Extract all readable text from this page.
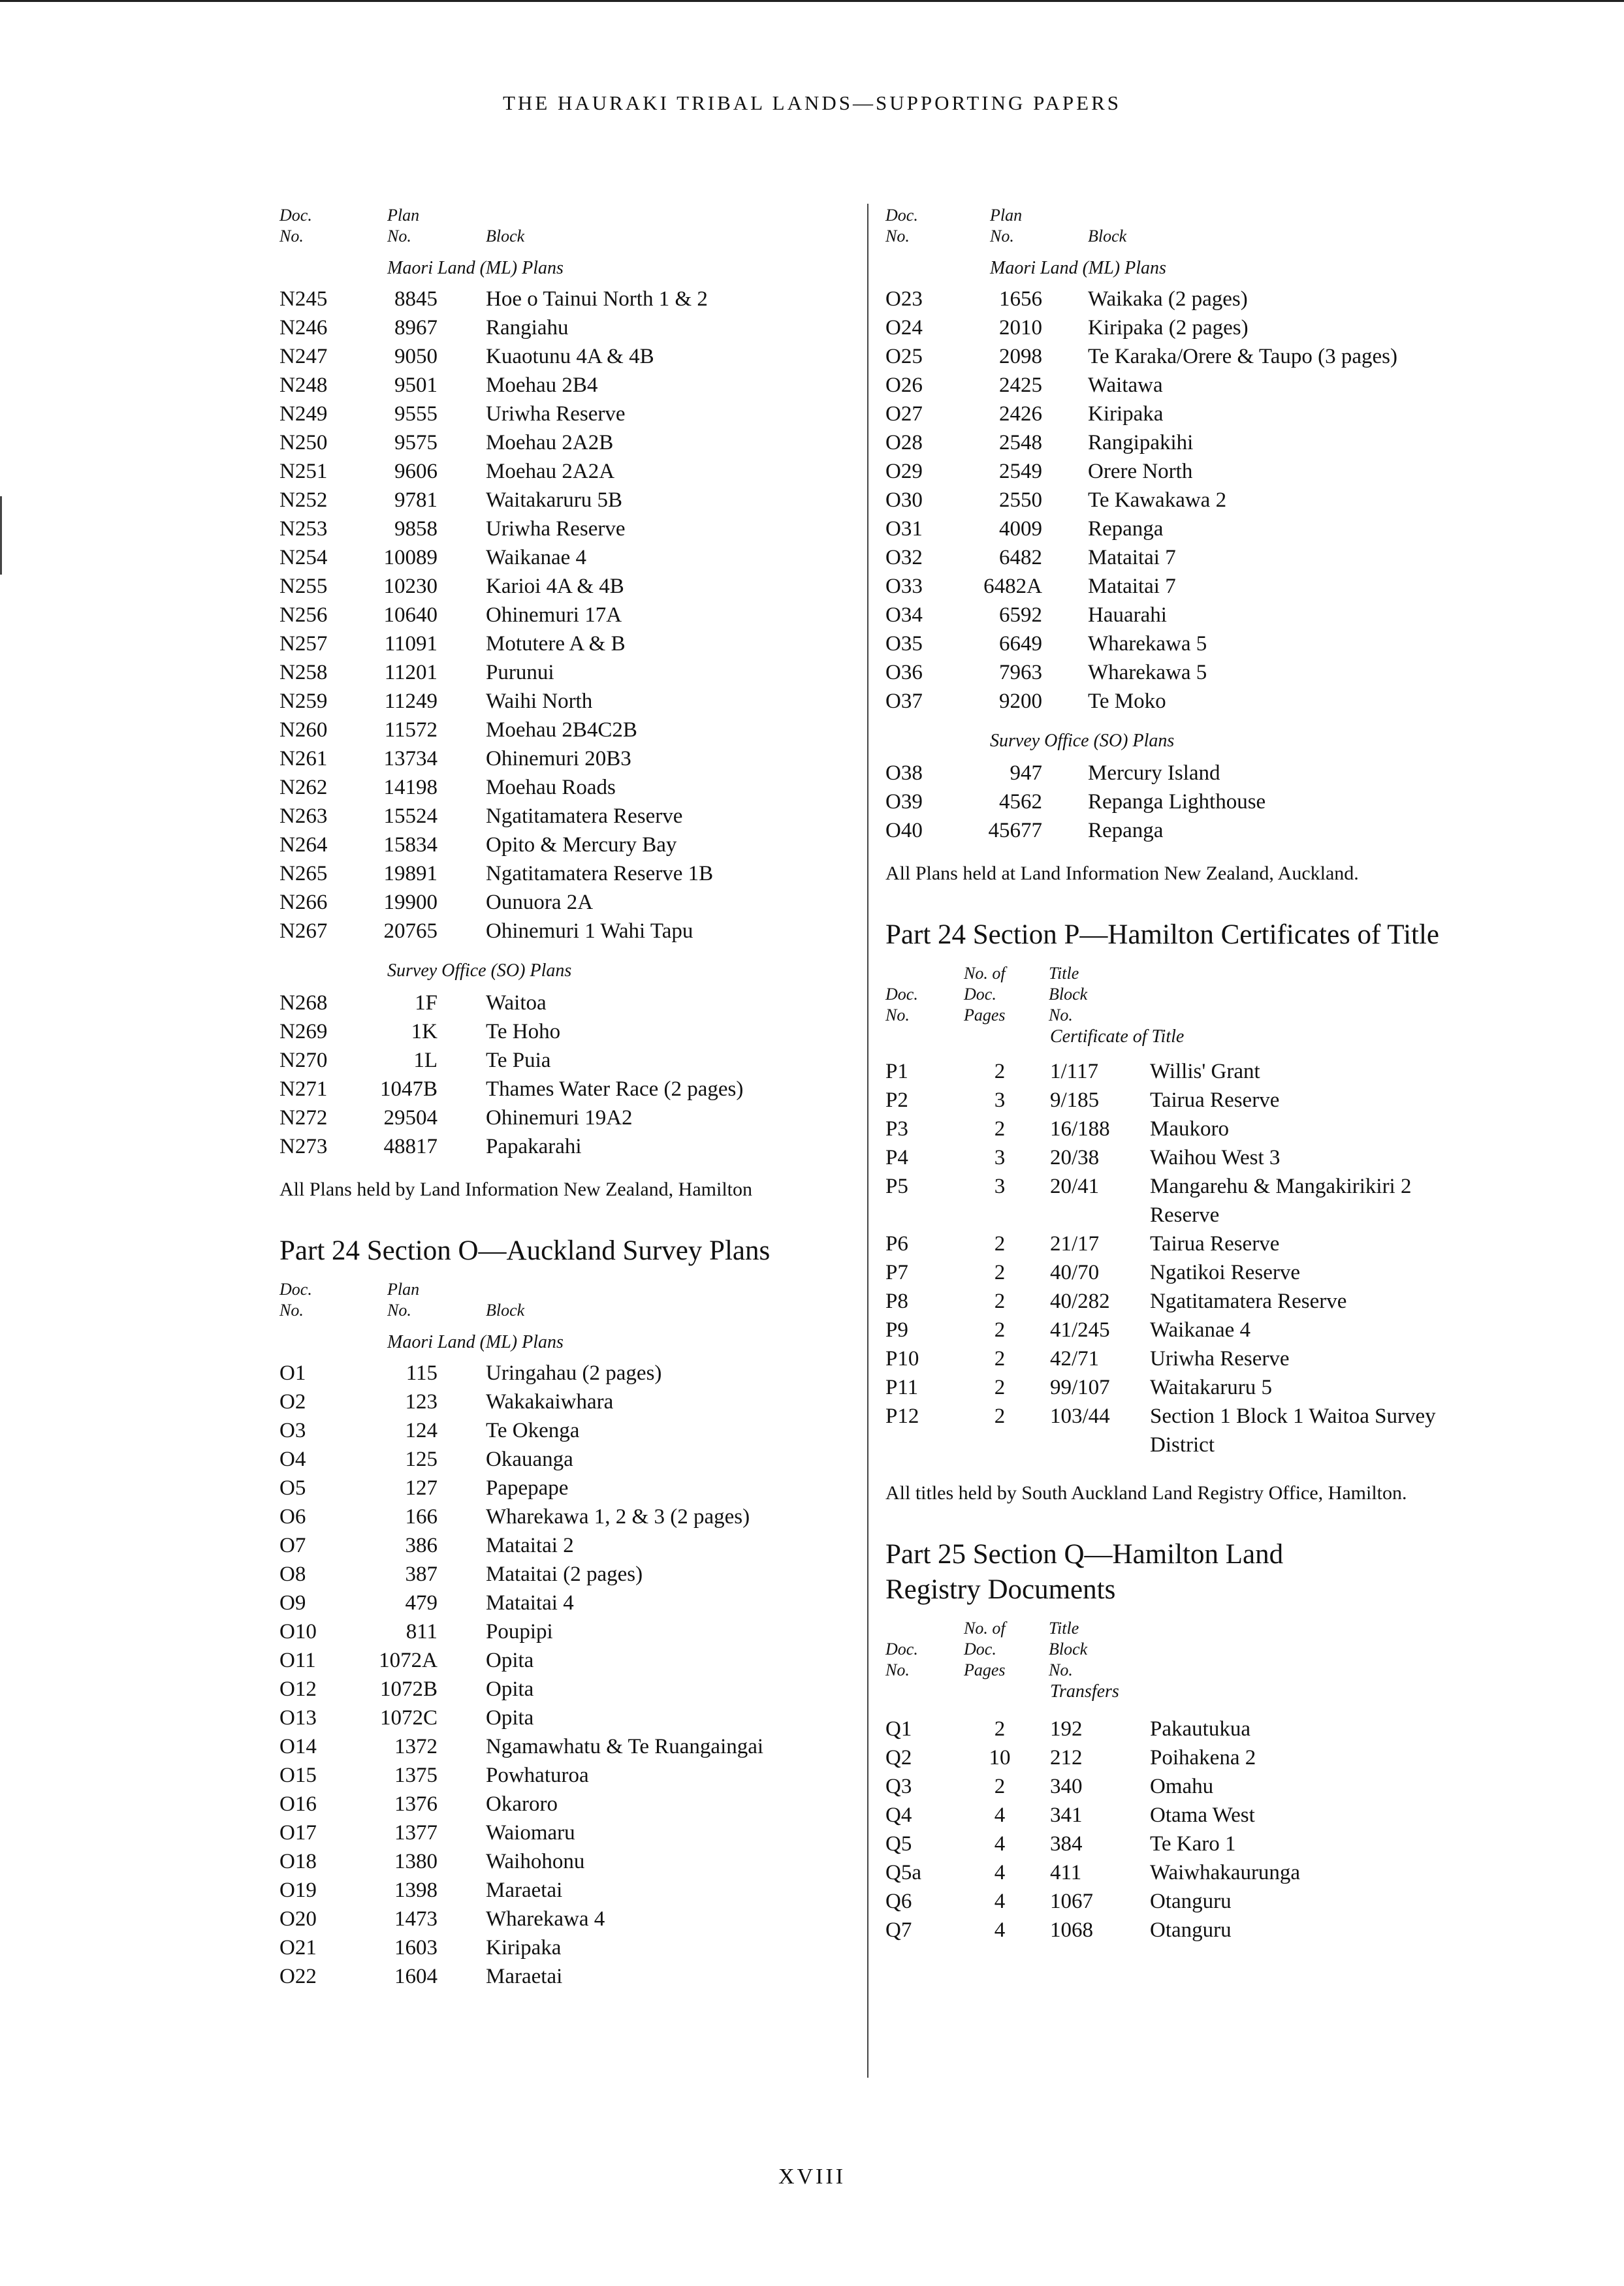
THE HAURAKI TRIBAL LANDS—SUPPORTING PAPERS
Doc.
No.
Plan
No.	Block
Maori Land (ML) Plans
N245	8845 Hoe o Tainui North 1 & 2
N246	8967 Rangiahu
N247	9050 Kuaotunu 4A & 4B
N248	9501 Moehau 2B4
N249	9555 Uriwha Reserve
N250	9575 Moehau 2A2B
N251	9606 Moehau 2A2A
N252	9781 Waitakaruru 5B
N253	9858 Uriwha Reserve
N254	10089 Waikanae 4
N255	10230 Karioi 4A & 4B
N256	10640 Ohinemuri 17A
N257	11091 Motutere A & B
N258	11201 Purunui
N259	11249 Waihi North
N260	11572 Moehau 2B4C2B
N261	13734 Ohinemuri 20B3
N262	14198 Moehau Roads
N263	15524 Ngatitamatera Reserve
N264	15834 Opito & Mercury Bay
N265	19891 Ngatitamatera Reserve 1B
N266	19900 Ounuora 2A
N267	20765 Ohinemuri 1 Wahi Tapu
Survey Office (SO) Plans
N268	1F Waitoa
N269	1K Te Hoho
N270	1L Te Puia
N271	1047B Thames Water Race (2 pages)
N272	29504 Ohinemuri 19A2
N273	48817 Papakarahi
All Plans held by Land Information New Zealand, Hamilton
Part 24 Section O—Auckland Survey Plans
Doc.
No.
Plan
No.	Block
Maori Land (ML) Plans
O1	115 Uringahau (2 pages)
O2	123 Wakakaiwhara
O3	124 Te Okenga
O4	125 Okauanga
O5	127 Papepape
O6	166 Wharekawa 1, 2 & 3 (2 pages)
O7	386 Mataitai 2
O8	387 Mataitai (2 pages)
O9	479 Mataitai 4
O10	811 Poupipi
O11	1072A Opita
O12	1072B Opita
O13	1072C Opita
O14	1372 Ngamawhatu & Te Ruangaingai
O15	1375 Powhaturoa
O16	1376 Okaroro
O17	1377 Waiomaru
O18	1380 Waihohonu
O19	1398 Maraetai
O20	1473 Wharekawa 4
O21	1603 Kiripaka
O22	1604 Maraetai
Doc.
No.
Plan
No.	Block
Maori Land (ML) Plans
O23	1656 Waikaka (2 pages)
O24	2010 Kiripaka (2 pages)
O25	2098 Te Karaka/Orere & Taupo (3 pages)
O26	2425 Waitawa
O27	2426 Kiripaka
O28	2548 Rangipakihi
O29	2549 Orere North
O30	2550 Te Kawakawa 2
O31	4009 Repanga
O32	6482 Mataitai 7
O33	6482A Mataitai 7
O34	6592 Hauarahi
O35	6649 Wharekawa 5
O36	7963 Wharekawa 5
O37	9200 Te Moko
Survey Office (SO) Plans
O38	947 Mercury Island
O39	4562 Repanga Lighthouse
O40	45677 Repanga
All Plans held at Land Information New Zealand, Auckland.
Part 24 Section P—Hamilton Certificates of Title
Doc.
No.
No. of
Doc.
Pages
Title
Block
No.
Certificate of Title
P1	2	1/117 Willis' Grant
P2	3	9/185 Tairua Reserve
P3	2	16/188 Maukoro
P4	3	20/38 Waihou West 3
P5	3	20/41 Mangarehu & Mangakirikiri 2
Reserve
P6	2	21/17 Tairua Reserve
P7	2	40/70 Ngatikoi Reserve
P8	2	40/282 Ngatitamatera Reserve
P9	2	41/245 Waikanae 4
P10	2	42/71 Uriwha Reserve
P11	2	99/107 Waitakaruru 5
P12	2	103/44 Section 1 Block 1 Waitoa Survey
District
All titles held by South Auckland Land Registry Office, Hamilton.
Part 25 Section Q—Hamilton Land Registry Documents
Doc.
No.
No. of
Doc.
Pages
Title
Block
No.
Transfers
Q1	2	192	Pakautukua
Q2	10	212	Poihakena 2
Q3	2	340	Omahu
Q4	4	341	Otama West
Q5	4	384	Te Karo 1
Q5a	4	411	Waiwhakaurunga
Q6	4	1067	Otanguru
Q7	4	1068	Otanguru
XVIII
